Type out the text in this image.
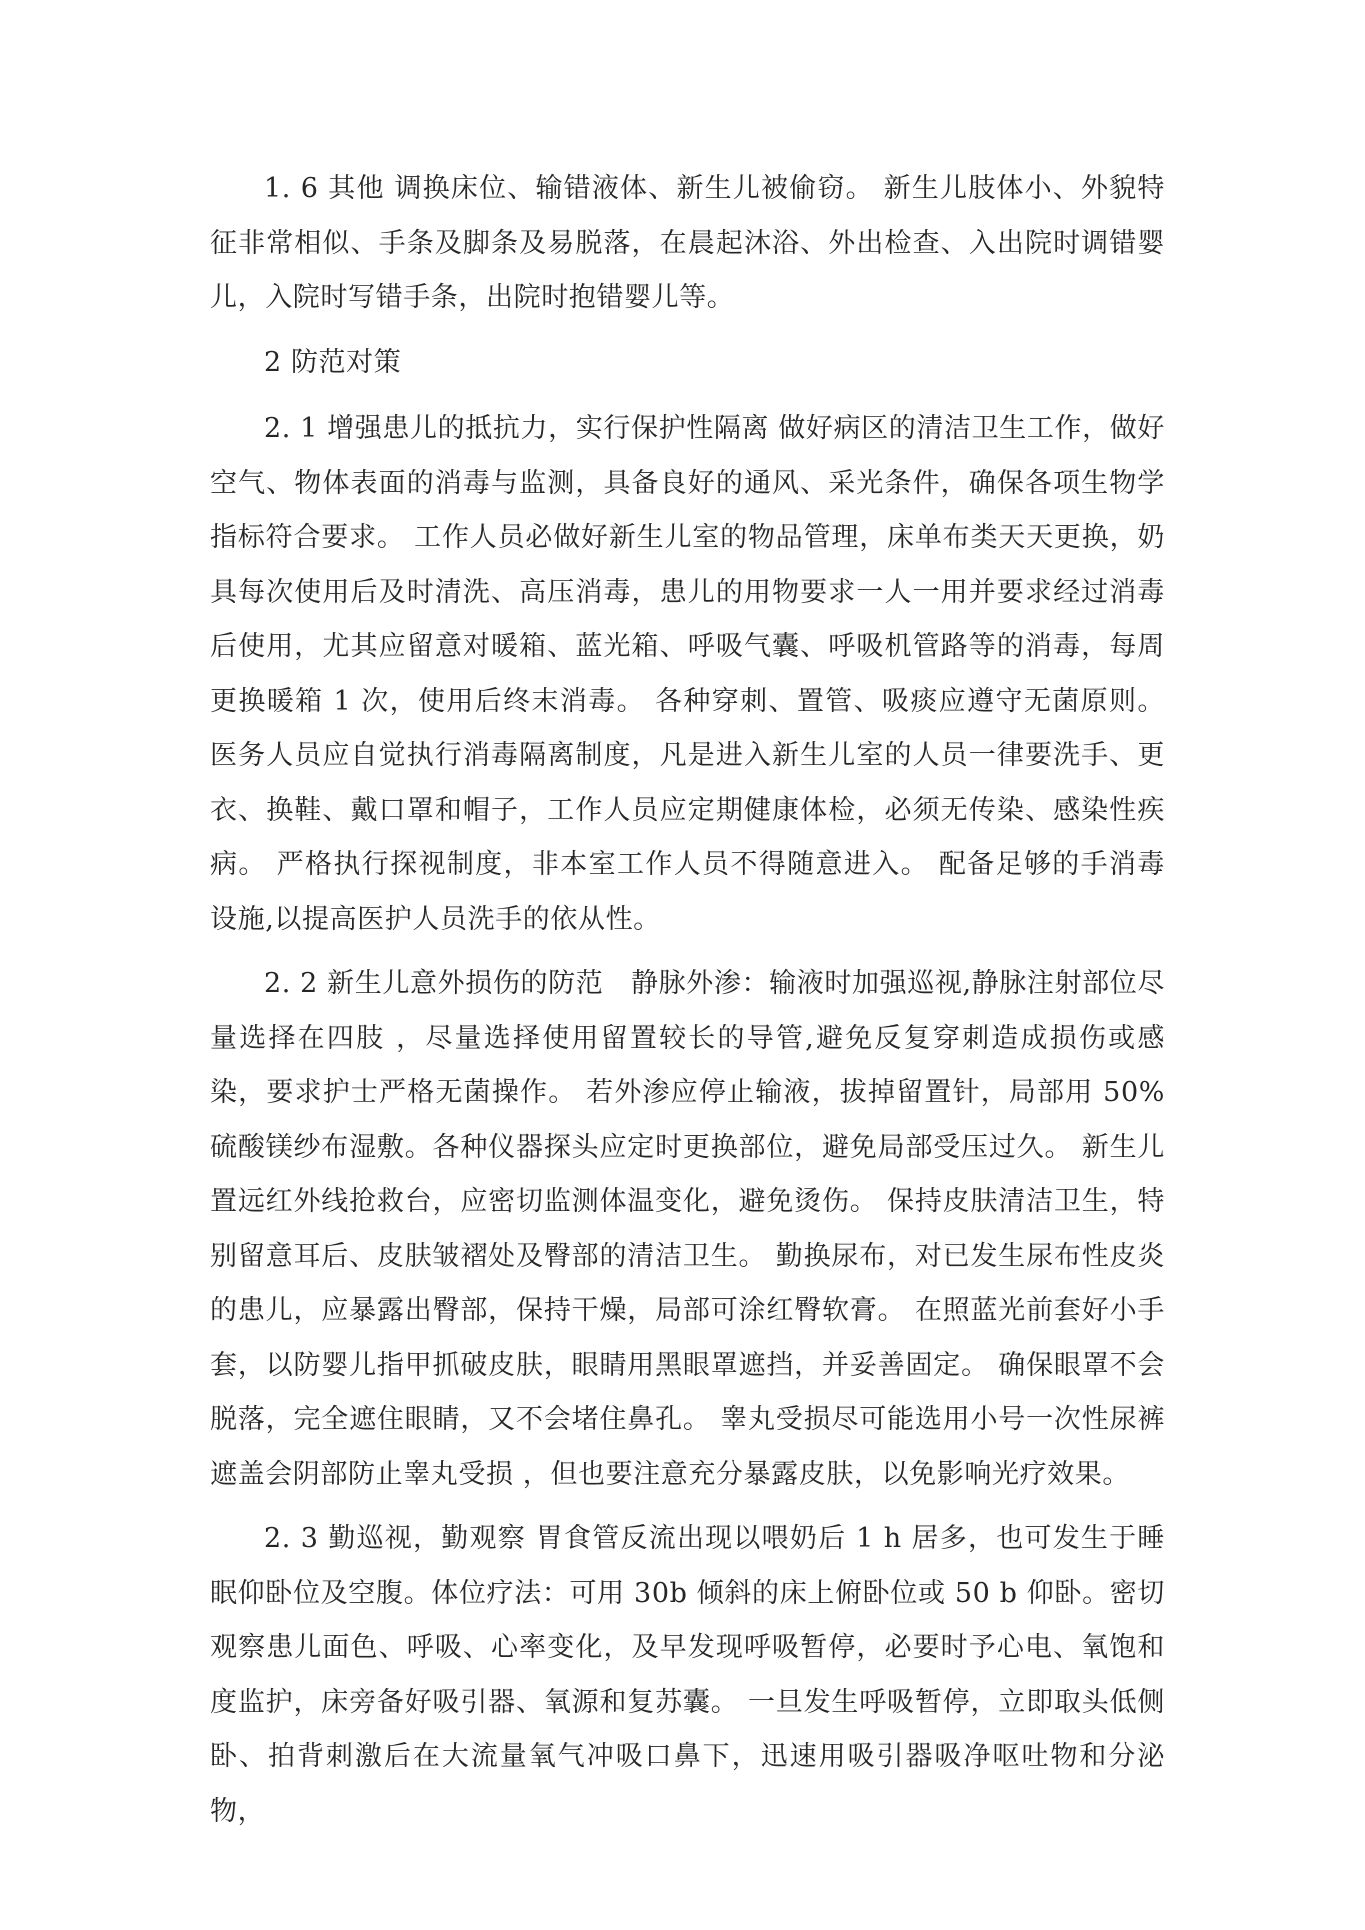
1. 6 其他 调换床位、输错液体、新生儿被偷窃。 新生儿肢体小、外貌特征非常相似、手条及脚条及易脱落，在晨起沐浴、外出检查、入出院时调错婴儿，入院时写错手条，出院时抱错婴儿等。

2 防范对策

2. 1 增强患儿的抵抗力，实行保护性隔离 做好病区的清洁卫生工作，做好空气、物体表面的消毒与监测，具备良好的通风、采光条件，确保各项生物学指标符合要求。 工作人员必做好新生儿室的物品管理，床单布类天天更换，奶具每次使用后及时清洗、高压消毒，患儿的用物要求一人一用并要求经过消毒后使用，尤其应留意对暖箱、蓝光箱、呼吸气囊、呼吸机管路等的消毒，每周更换暖箱 1 次，使用后终末消毒。 各种穿刺、置管、吸痰应遵守无菌原则。 医务人员应自觉执行消毒隔离制度，凡是进入新生儿室的人员一律要洗手、更衣、换鞋、戴口罩和帽子，工作人员应定期健康体检，必须无传染、感染性疾病。 严格执行探视制度，非本室工作人员不得随意进入。 配备足够的手消毒设施,以提高医护人员洗手的依从性。

2. 2 新生儿意外损伤的防范　静脉外渗：输液时加强巡视,静脉注射部位尽量选择在四肢 ，尽量选择使用留置较长的导管,避免反复穿刺造成损伤或感染，要求护士严格无菌操作。 若外渗应停止输液，拔掉留置针，局部用 50%硫酸镁纱布湿敷。各种仪器探头应定时更换部位，避免局部受压过久。 新生儿置远红外线抢救台，应密切监测体温变化，避免烫伤。 保持皮肤清洁卫生，特别留意耳后、皮肤皱褶处及臀部的清洁卫生。 勤换尿布，对已发生尿布性皮炎的患儿，应暴露出臀部，保持干燥，局部可涂红臀软膏。 在照蓝光前套好小手套，以防婴儿指甲抓破皮肤，眼睛用黑眼罩遮挡，并妥善固定。 确保眼罩不会脱落，完全遮住眼睛，又不会堵住鼻孔。 睾丸受损尽可能选用小号一次性尿裤遮盖会阴部防止睾丸受损 ，但也要注意充分暴露皮肤，以免影响光疗效果。

2. 3 勤巡视，勤观察 胃食管反流出现以喂奶后 1 h 居多，也可发生于睡眠仰卧位及空腹。体位疗法：可用 30b 倾斜的床上俯卧位或 50 b 仰卧。密切观察患儿面色、呼吸、心率变化，及早发现呼吸暂停，必要时予心电、氧饱和度监护，床旁备好吸引器、氧源和复苏囊。 一旦发生呼吸暂停，立即取头低侧卧、拍背刺激后在大流量氧气冲吸口鼻下，迅速用吸引器吸净呕吐物和分泌物，
